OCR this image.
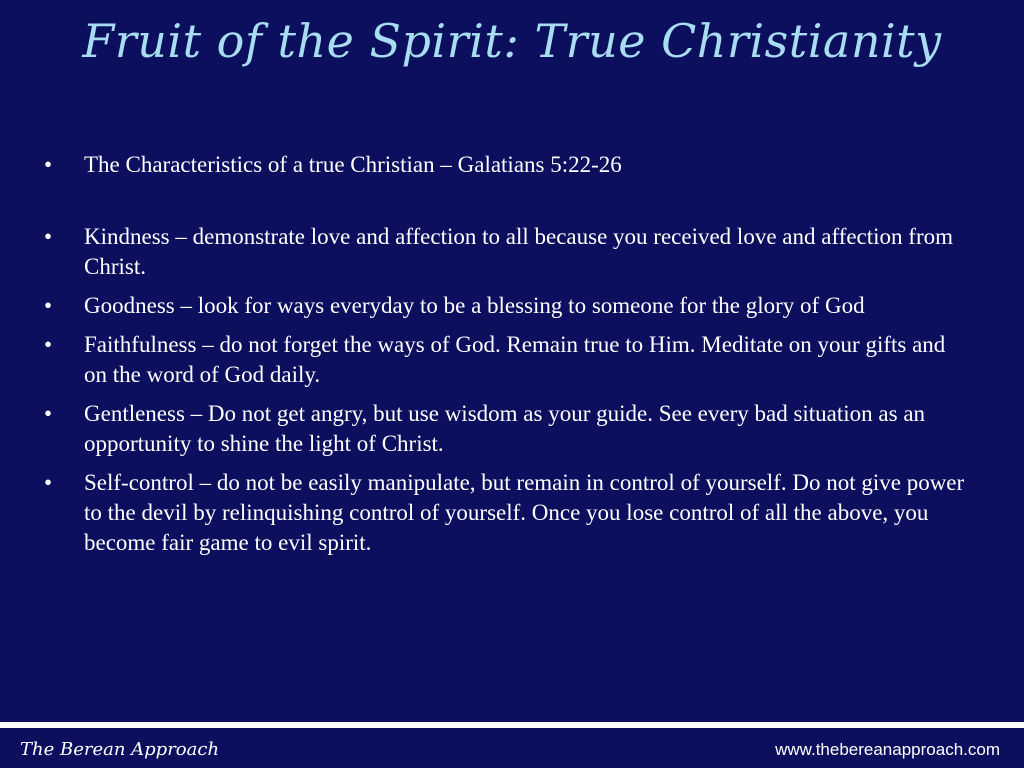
Fruit of the Spirit: True Christianity
•	The Characteristics of a true Christian – Galatians 5:22-26
•	Kindness – demonstrate love and affection to all because you received love and affection from Christ.
•	Goodness – look for ways everyday to be a blessing to someone for the glory of God
•	Faithfulness – do not forget the ways of God. Remain true to Him. Meditate on your gifts and on the word of God daily.
•	Gentleness – Do not get angry, but use wisdom as your guide. See every bad situation as an opportunity to shine the light of Christ.
•	Self-control – do not be easily manipulate, but remain in control of yourself. Do not give power to the devil by relinquishing control of yourself. Once you lose control of all the above, you become fair game to evil spirit.
The Berean Approach	www.thebereanapproach.com
